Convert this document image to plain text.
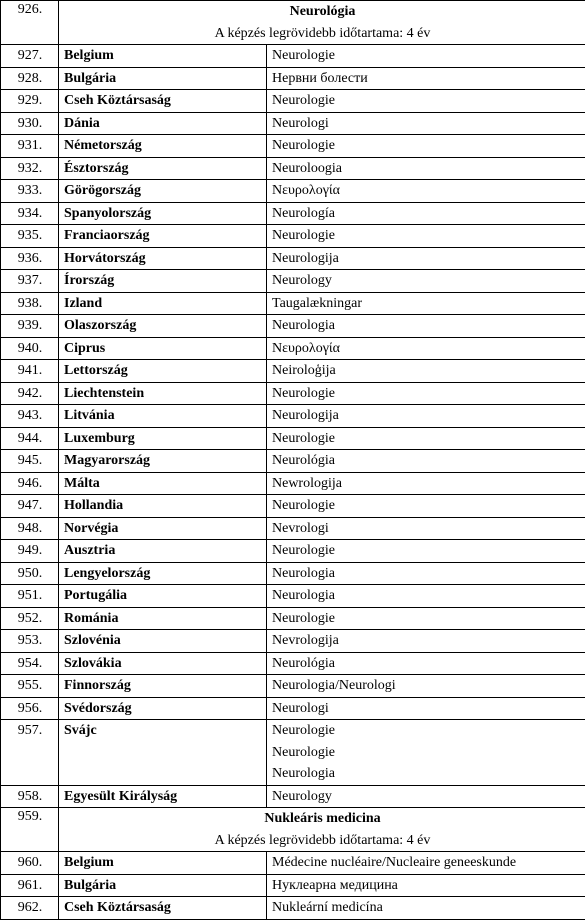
926.	Neurológia
A képzés legrövidebb időtartama: 4 év	

927.	Belgium	Neurologie

928.	Bulgária	Нервни болести

929.	Cseh Köztársaság	Neurologie

930.	Dánia	Neurologi

931.	Németország	Neurologie

932.	Észtország	Neuroloogia

933.	Görögország	Νευρολογία

934.	Spanyolország	Neurología

935.	Franciaország	Neurologie

936.	Horvátország	Neurologija

937.	Írország	Neurology

938.	Izland	Taugalækningar

939.	Olaszország	Neurologia

940.	Ciprus	Νευρολογία

941.	Lettország	Neiroloģija

942.	Liechtenstein	Neurologie

943.	Litvánia	Neurologija

944.	Luxemburg	Neurologie

945.	Magyarország	Neurológia

946.	Málta	Newrologija

947.	Hollandia	Neurologie

948.	Norvégia	Nevrologi

949.	Ausztria	Neurologie

950.	Lengyelország	Neurologia

951.	Portugália	Neurologia

952.	Románia	Neurologie

953.	Szlovénia	Nevrologija

954.	Szlovákia	Neurológia

955.	Finnország	Neurologia/Neurologi

956.	Svédország	Neurologi

957.	Svájc	Neurologie
Neurologie
Neurologia

958.	Egyesült Királyság	Neurology

959.	Nukleáris medicina
A képzés legrövidebb időtartama: 4 év	

960.	Belgium	Médecine nucléaire/Nucleaire geneeskunde

961.	Bulgária	Нуклеарна медицина

962.	Cseh Köztársaság	Nukleární medicína
